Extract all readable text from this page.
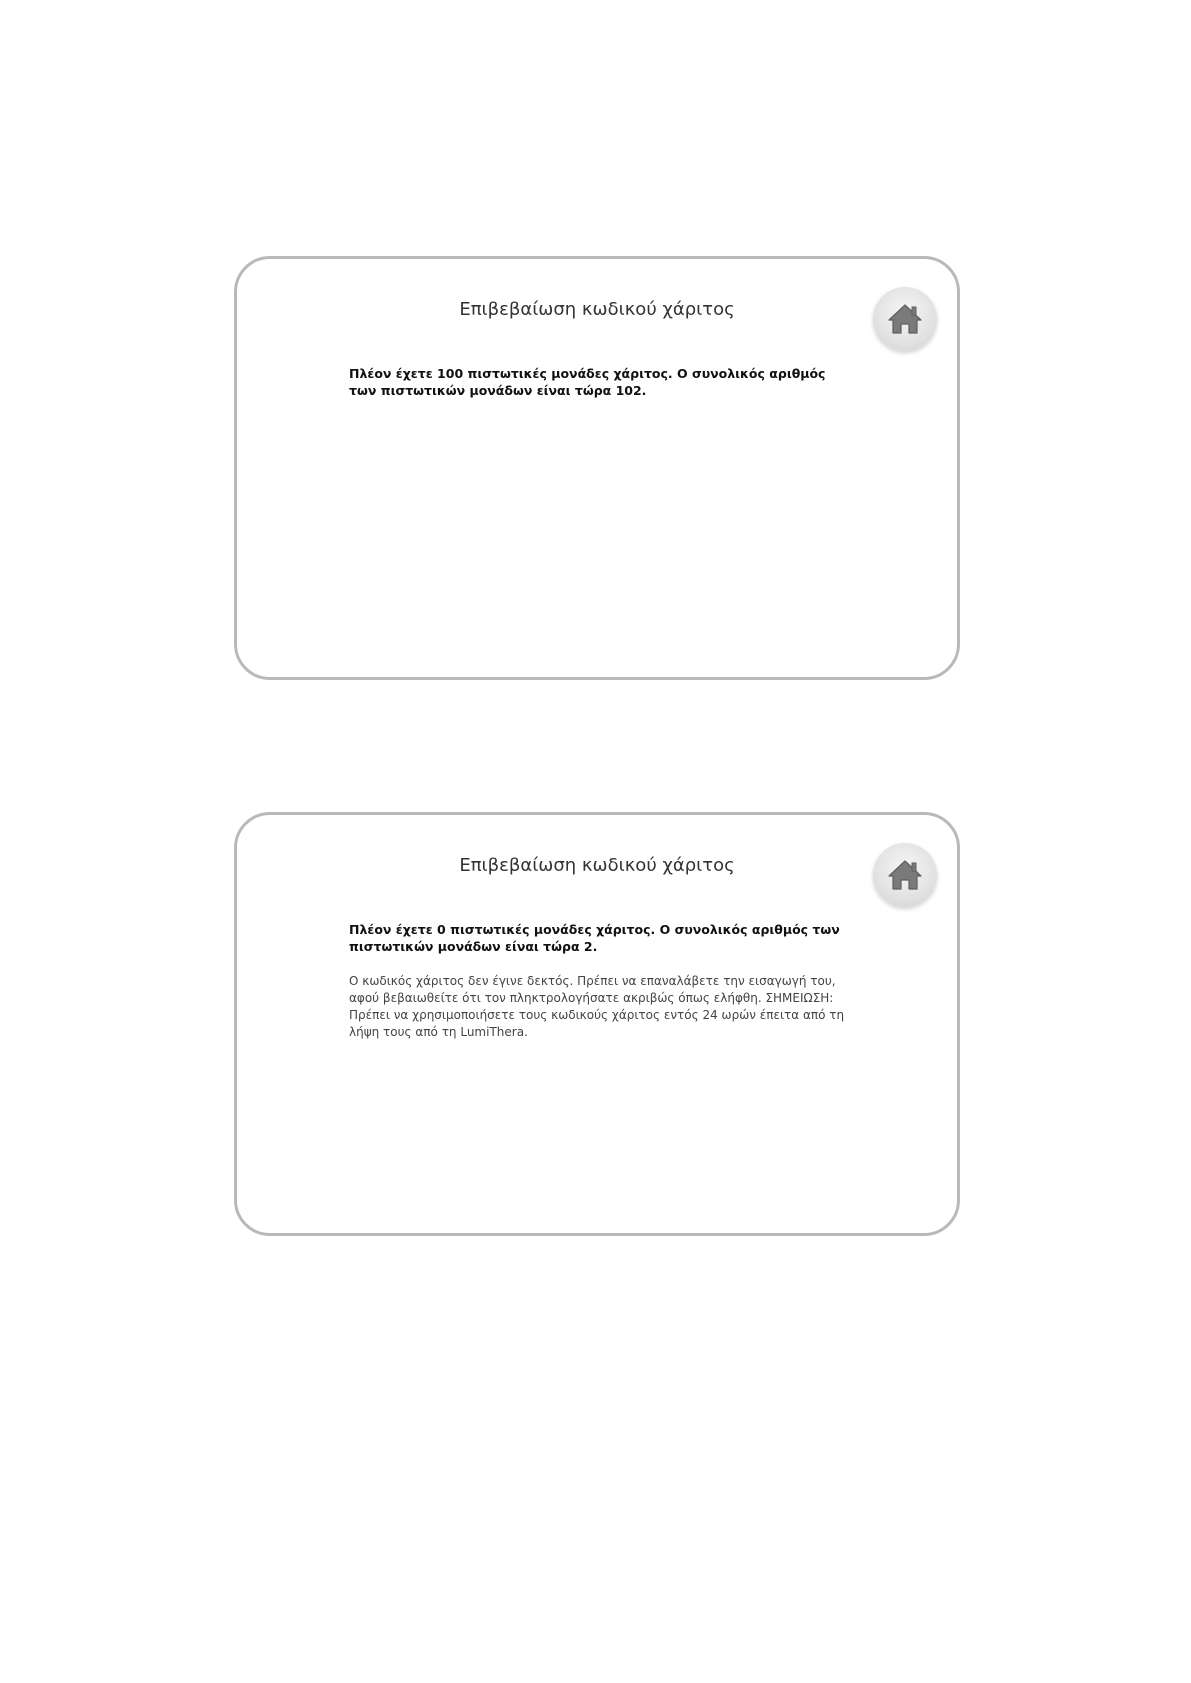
Επιβεβαίωση κωδικού χάριτος

Πλέον έχετε 100 πιστωτικές μονάδες χάριτος. Ο συνολικός αριθμός των πιστωτικών μονάδων είναι τώρα 102.

Επιβεβαίωση κωδικού χάριτος

Πλέον έχετε 0 πιστωτικές μονάδες χάριτος. Ο συνολικός αριθμός των πιστωτικών μονάδων είναι τώρα 2.

Ο κωδικός χάριτος δεν έγινε δεκτός. Πρέπει να επαναλάβετε την εισαγωγή του, αφού βεβαιωθείτε ότι τον πληκτρολογήσατε ακριβώς όπως ελήφθη. ΣΗΜΕΙΩΣΗ: Πρέπει να χρησιμοποιήσετε τους κωδικούς χάριτος εντός 24 ωρών έπειτα από τη λήψη τους από τη LumiThera.
